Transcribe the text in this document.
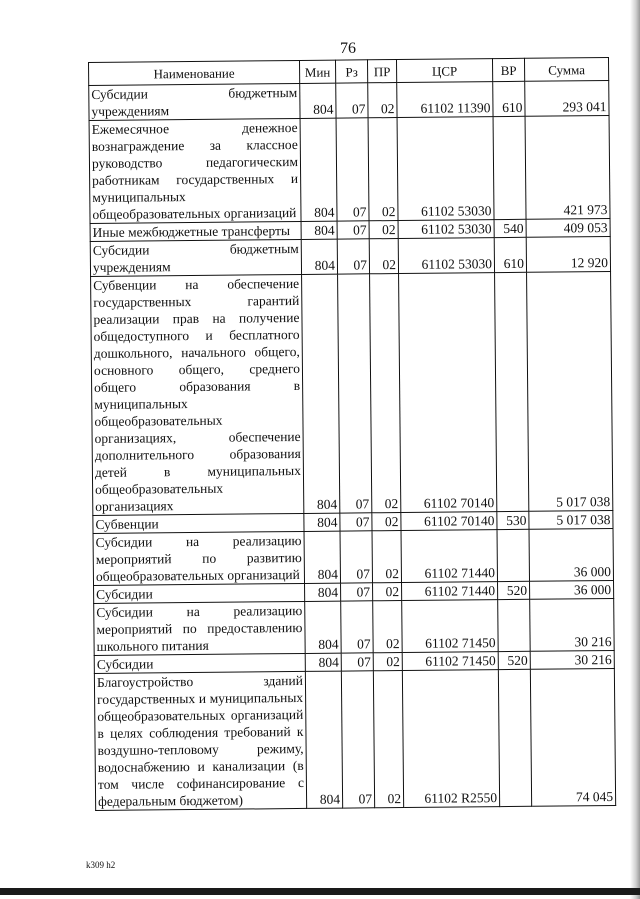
76
Наименование	Мин	Рз	ПР	ЦСР	ВР	Сумма
Субсидии бюджетным учреждениям	804	07	02	61102 11390	610	293 041
Ежемесячное денежное вознаграждение за классное руководство педагогическим работникам государственных и муниципальных общеобразовательных организаций	804	07	02	61102 53030		421 973
Иные межбюджетные трансферты	804	07	02	61102 53030	540	409 053
Субсидии бюджетным учреждениям	804	07	02	61102 53030	610	12 920
Субвенции на обеспечение государственных гарантий реализации прав на получение общедоступного и бесплатного дошкольного, начального общего, основного общего, среднего общего образования в муниципальных общеобразовательных организациях, обеспечение дополнительного образования детей в муниципальных общеобразовательных организациях	804	07	02	61102 70140		5 017 038
Субвенции	804	07	02	61102 70140	530	5 017 038
Субсидии на реализацию мероприятий по развитию общеобразовательных организаций	804	07	02	61102 71440		36 000
Субсидии	804	07	02	61102 71440	520	36 000
Субсидии на реализацию мероприятий по предоставлению школьного питания	804	07	02	61102 71450		30 216
Субсидии	804	07	02	61102 71450	520	30 216
Благоустройство зданий государственных и муниципальных общеобразовательных организаций в целях соблюдения требований к воздушно-тепловому режиму, водоснабжению и канализации (в том числе софинансирование с федеральным бюджетом)	804	07	02	61102 R2550		74 045
k309 h2
